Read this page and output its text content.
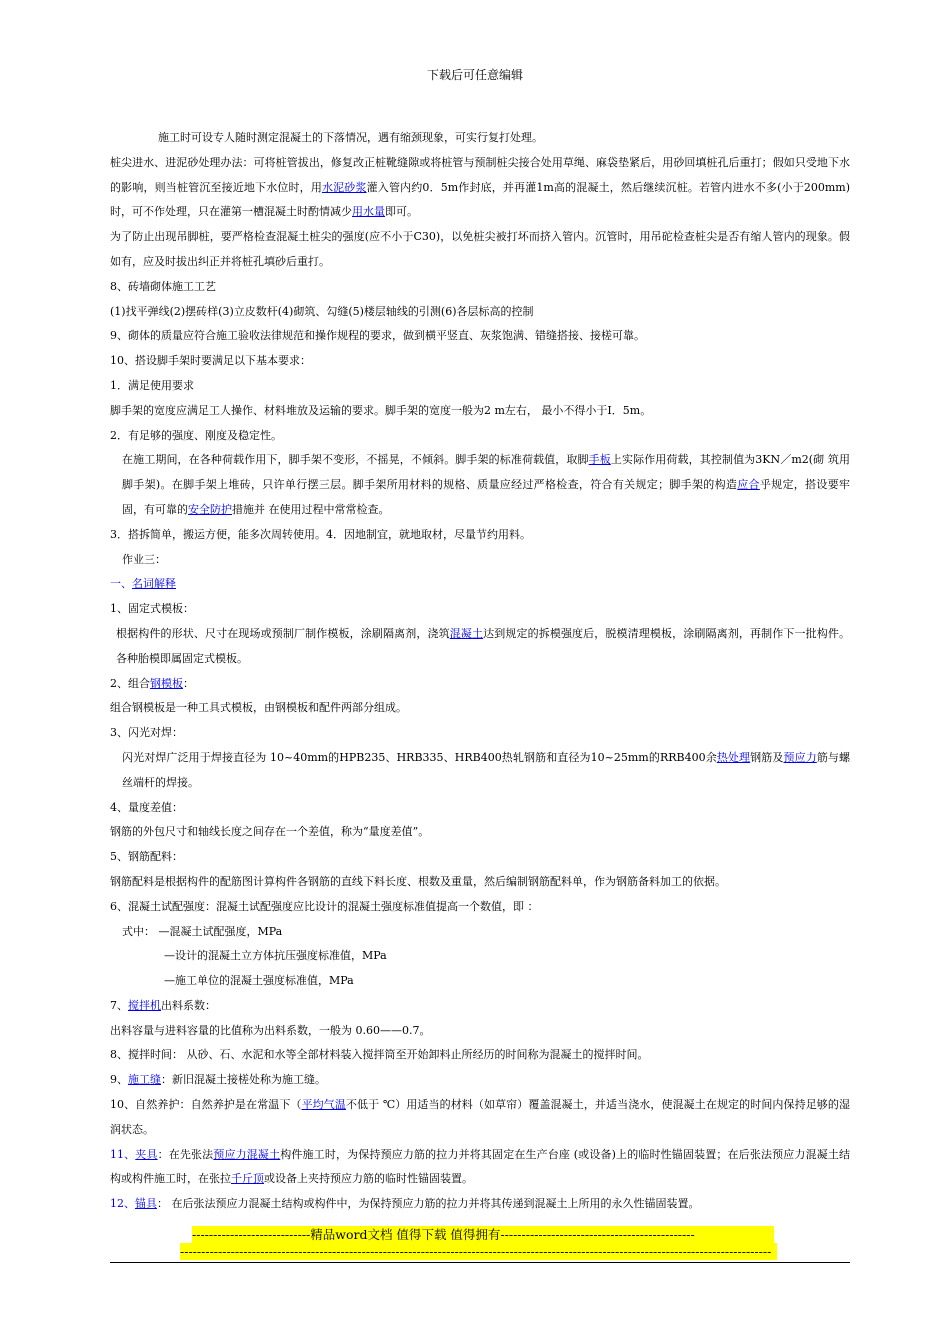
下载后可任意编辑
施工时可设专人随时测定混凝土的下落情况，遇有缩颈现象，可实行复打处理。
桩尖进水、进泥砂处理办法：可将桩管拔出，修复改正桩靴缝隙或将桩管与预制桩尖接合处用草绳、麻袋垫紧后，用砂回填桩孔后重打；假如只受地下水的影响，则当桩管沉至接近地下水位时，用水泥砂浆灌入管内约0．5m作封底，并再灌1m高的混凝土，然后继续沉桩。若管内进水不多(小于200mm)时，可不作处理，只在灌第一槽混凝土时酌情减少用水量即可。
为了防止出现吊脚桩，要严格检查混凝土桩尖的强度(应不小于C30)，以免桩尖被打坏而挤入管内。沉管时，用吊砣检查桩尖是否有缩人管内的现象。假如有，应及时拔出纠正并将桩孔填砂后重打。
8、砖墙砌体施工工艺
(1)找平弹线(2)摆砖样(3)立皮数杆(4)砌筑、勾缝(5)楼层轴线的引测(6)各层标高的控制
9、砌体的质量应符合施工验收法律规范和操作规程的要求，做到横平竖直、灰浆饱满、错缝搭接、接槎可靠。
10、搭设脚手架时要满足以下基本要求：
1．满足使用要求
脚手架的宽度应满足工人操作、材料堆放及运输的要求。脚手架的宽度一般为2 m左右， 最小不得小于I．5m。
2．有足够的强度、刚度及稳定性。
在施工期间，在各种荷载作用下，脚手架不变形，不摇晃，不倾斜。脚手架的标准荷载值，取脚手板上实际作用荷载，其控制值为3KN／m2(砌 筑用脚手架)。在脚手架上堆砖，只许单行摆三层。脚手架所用材料的规格、质量应经过严格检查，符合有关规定；脚手架的构造应合乎规定，搭设要牢固，有可靠的安全防护措施并 在使用过程中常常检查。
3．搭拆简单，搬运方便，能多次周转使用。4．因地制宜，就地取材，尽量节约用料。
作业三：
一、名词解释
1、固定式模板：
根据构件的形状、尺寸在现场或预制厂制作模板，涂刷隔离剂，浇筑混凝土达到规定的拆模强度后，脱模清理模板，涂刷隔离剂，再制作下一批构件。各种胎模即属固定式模板。
2、组合钢模板：
组合钢模板是一种工具式模板，由钢模板和配件两部分组成。
3、闪光对焊：
闪光对焊广泛用于焊接直径为 10~40mm的HPB235、HRB335、HRB400热轧钢筋和直径为10~25mm的RRB400余热处理钢筋及预应力筋与螺丝端杆的焊接。
4、量度差值：
钢筋的外包尺寸和轴线长度之间存在一个差值，称为“量度差值”。
5、钢筋配料：
钢筋配料是根据构件的配筋图计算构件各钢筋的直线下料长度、根数及重量，然后编制钢筋配料单，作为钢筋备料加工的依据。
6、混凝土试配强度：混凝土试配强度应比设计的混凝土强度标准值提高一个数值，即 ：
式中： —混凝土试配强度，MPa
—设计的混凝土立方体抗压强度标准值，MPa
—施工单位的混凝土强度标准值，MPa
7、搅拌机出料系数：
出料容量与进料容量的比值称为出料系数，一般为 0.60——0.7。
8、搅拌时间： 从砂、石、水泥和水等全部材料装入搅拌筒至开始卸料止所经历的时间称为混凝土的搅拌时间。
9、施工缝：新旧混凝土接槎处称为施工缝。
10、自然养护：自然养护是在常温下（平均气温不低于 ℃）用适当的材料（如草帘）覆盖混凝土，并适当浇水，使混凝土在规定的时间内保持足够的湿润状态。
11、夹具：在先张法预应力混凝土构件施工时，为保持预应力筋的拉力并将其固定在生产台座 (或设备)上的临时性锚固装置；在后张法预应力混凝土结构或构件施工时，在张拉千斤顶或设备上夹持预应力筋的临时性锚固装置。
12、锚具： 在后张法预应力混凝土结构或构件中，为保持预应力筋的拉力并将其传递到混凝土上所用的永久性锚固装置。
----------------------------精品word文档 值得下载 值得拥有----------------------------------------------
--------------------------------------------------------------------------------------------------------------------------------------------
